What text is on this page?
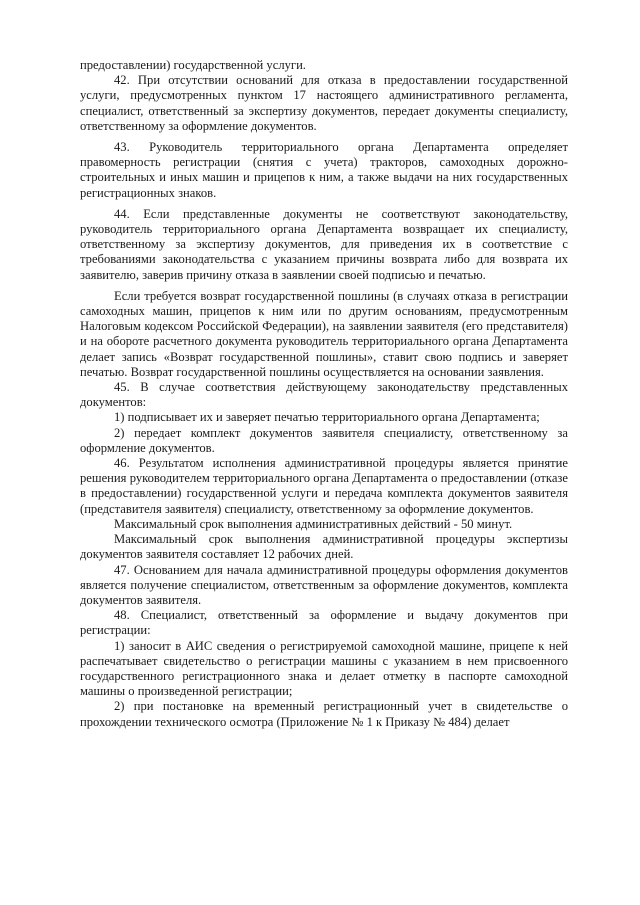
предоставлении) государственной услуги.

42. При отсутствии оснований для отказа в предоставлении государственной услуги, предусмотренных пунктом 17 настоящего административного регламента, специалист, ответственный за экспертизу документов, передает документы специалисту, ответственному за оформление документов.

43. Руководитель территориального органа Департамента определяет правомерность регистрации (снятия с учета) тракторов, самоходных дорожно-строительных и иных машин и прицепов к ним, а также выдачи на них государственных регистрационных знаков.

44. Если представленные документы не соответствуют законодательству, руководитель территориального органа Департамента возвращает их специалисту, ответственному за экспертизу документов, для приведения их в соответствие с требованиями законодательства с указанием причины возврата либо для возврата их заявителю, заверив причину отказа в заявлении своей подписью и печатью.

Если требуется возврат государственной пошлины (в случаях отказа в регистрации самоходных машин, прицепов к ним или по другим основаниям, предусмотренным Налоговым кодексом Российской Федерации), на заявлении заявителя (его представителя) и на обороте расчетного документа руководитель территориального органа Департамента делает запись «Возврат государственной пошлины», ставит свою подпись и заверяет печатью. Возврат государственной пошлины осуществляется на основании заявления.

45. В случае соответствия действующему законодательству представленных документов:

1) подписывает их и заверяет печатью территориального органа Департамента;

2) передает комплект документов заявителя специалисту, ответственному за оформление документов.

46. Результатом исполнения административной процедуры является принятие решения руководителем территориального органа Департамента о предоставлении (отказе в предоставлении) государственной услуги и передача комплекта документов заявителя (представителя заявителя) специалисту, ответственному за оформление документов.

Максимальный срок выполнения административных действий - 50 минут.

Максимальный срок выполнения административной процедуры экспертизы документов заявителя составляет 12 рабочих дней.

47. Основанием для начала административной процедуры оформления документов является получение специалистом, ответственным за оформление документов, комплекта документов заявителя.

48. Специалист, ответственный за оформление и выдачу документов при регистрации:

1) заносит в АИС сведения о регистрируемой самоходной машине, прицепе к ней распечатывает свидетельство о регистрации машины с указанием в нем присвоенного государственного регистрационного знака и делает отметку в паспорте самоходной машины о произведенной регистрации;

2) при постановке на временный регистрационный учет в свидетельстве о прохождении технического осмотра (Приложение № 1 к Приказу № 484) делает
